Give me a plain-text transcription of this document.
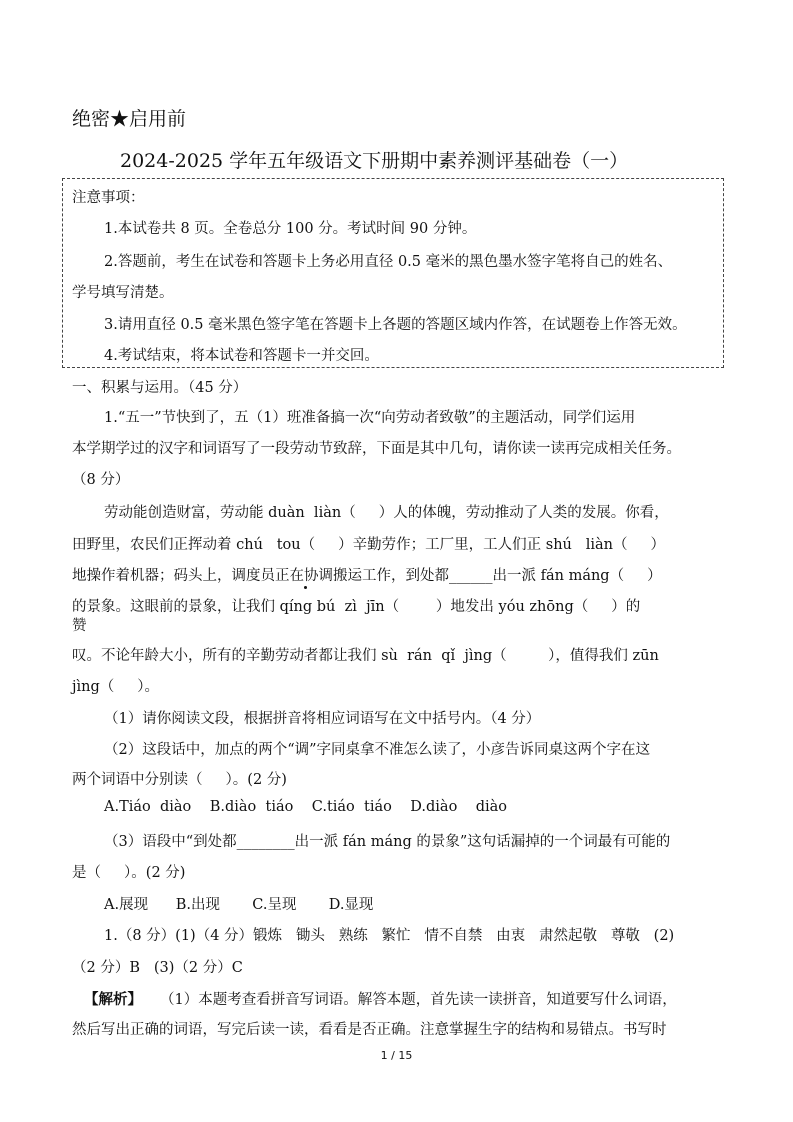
绝密★启用前
2024-2025 学年五年级语文下册期中素养测评基础卷（一）
注意事项：
1.本试卷共 8 页。全卷总分 100 分。考试时间 90 分钟。
2.答题前，考生在试卷和答题卡上务必用直径 0.5 毫米的黑色墨水签字笔将自己的姓名、
学号填写清楚。
3.请用直径 0.5 毫米黑色签字笔在答题卡上各题的答题区域内作答，在试题卷上作答无效。
4.考试结束，将本试卷和答题卡一并交回。
一、积累与运用。（45 分）
1.“五一”节快到了，五（1）班准备搞一次“向劳动者致敬”的主题活动，同学们运用
本学期学过的汉字和词语写了一段劳动节致辞，下面是其中几句，请你读一读再完成相关任务。
（8 分）
劳动能创造财富，劳动能 duàn  liàn（     ）人的体魄，劳动推动了人类的发展。你看，
田野里，农民们正挥动着 chú   tou（     ）辛勤劳作；工厂里，工人们正 shú   liàn（     ）
地操作着机器；码头上，调度员正在协调搬运工作，到处都______出一派 fán máng（     ）
的景象。这眼前的景象，让我们 qíng bú  zì  jīn（        ）地发出 yóu zhōng（     ）的
赞
叹。不论年龄大小，所有的辛勤劳动者都让我们 sù  rán  qǐ  jìng（         ），值得我们 zūn
jìng（     ）。
（1）请你阅读文段，根据拼音将相应词语写在文中括号内。（4 分）
（2）这段话中，加点的两个“调”字同桌拿不准怎么读了，小彦告诉同桌这两个字在这
两个词语中分别读（     ）。(2 分)
A.Tiáo  diào    B.diào  tiáo    C.tiáo  tiáo    D.diào    diào
（3）语段中“到处都________出一派 fán máng 的景象”这句话漏掉的一个词最有可能的
是（     ）。(2 分)
A.展现      B.出现       C.呈现       D.显现
1.（8 分）(1)（4 分）锻炼   锄头   熟练   繁忙   情不自禁   由衷   肃然起敬   尊敬   (2)
（2 分）B   (3)（2 分）C
【解析】 （1）本题考查看拼音写词语。解答本题，首先读一读拼音，知道要写什么词语，
然后写出正确的词语，写完后读一读，看看是否正确。注意掌握生字的结构和易错点。书写时
1 / 15
